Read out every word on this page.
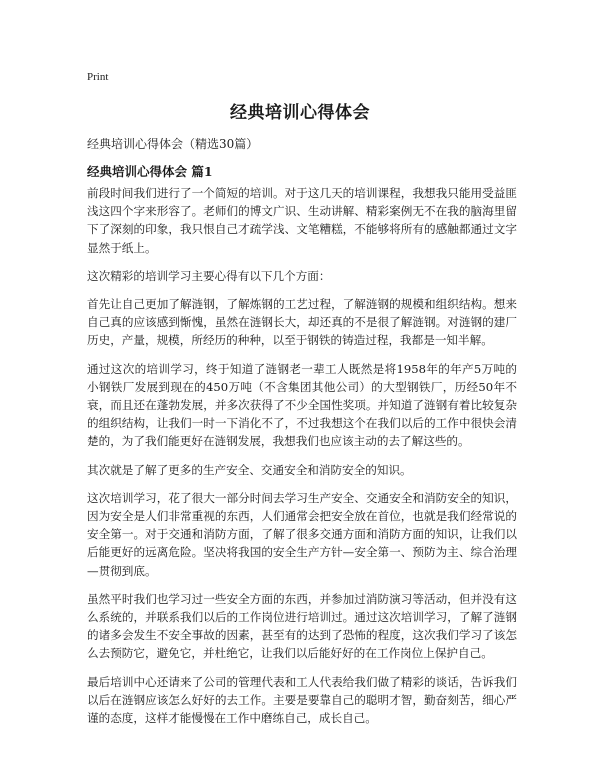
Print
经典培训心得体会
经典培训心得体会（精选30篇）
经典培训心得体会 篇1

前段时间我们进行了一个简短的培训。对于这几天的培训课程，我想我只能用受益匪浅这四个字来形容了。老师们的博文广识、生动讲解、精彩案例无不在我的脑海里留下了深刻的印象，我只恨自己才疏学浅、文笔糟糕，不能够将所有的感触都通过文字显然于纸上。

这次精彩的培训学习主要心得有以下几个方面：

首先让自己更加了解涟钢，了解炼钢的工艺过程，了解涟钢的规模和组织结构。想来自己真的应该感到惭愧，虽然在涟钢长大，却还真的不是很了解涟钢。对涟钢的建厂历史，产量，规模，所经历的种种，以至于钢铁的铸造过程，我都是一知半解。

通过这次的培训学习，终于知道了涟钢老一辈工人既然是将1958年的年产5万吨的小钢铁厂发展到现在的450万吨（不含集团其他公司）的大型钢铁厂，历经50年不衰，而且还在蓬勃发展，并多次获得了不少全国性奖项。并知道了涟钢有着比较复杂的组织结构，让我们一时一下消化不了，不过我想这个在我们以后的工作中很快会清楚的，为了我们能更好在涟钢发展，我想我们也应该主动的去了解这些的。

其次就是了解了更多的生产安全、交通安全和消防安全的知识。

这次培训学习，花了很大一部分时间去学习生产安全、交通安全和消防安全的知识，因为安全是人们非常重视的东西，人们通常会把安全放在首位，也就是我们经常说的安全第一。对于交通和消防方面，了解了很多交通方面和消防方面的知识，让我们以后能更好的远离危险。坚决将我国的安全生产方针—安全第一、预防为主、综合治理—贯彻到底。

虽然平时我们也学习过一些安全方面的东西，并参加过消防演习等活动，但并没有这么系统的，并联系我们以后的工作岗位进行培训过。通过这次培训学习，了解了涟钢的诸多会发生不安全事故的因素，甚至有的达到了恐怖的程度，这次我们学习了该怎么去预防它，避免它，并杜绝它，让我们以后能好好的在工作岗位上保护自己。

最后培训中心还请来了公司的管理代表和工人代表给我们做了精彩的谈话，告诉我们以后在涟钢应该怎么好好的去工作。主要是要靠自己的聪明才智，勤奋刻苦，细心严谨的态度，这样才能慢慢在工作中磨练自己，成长自己。
